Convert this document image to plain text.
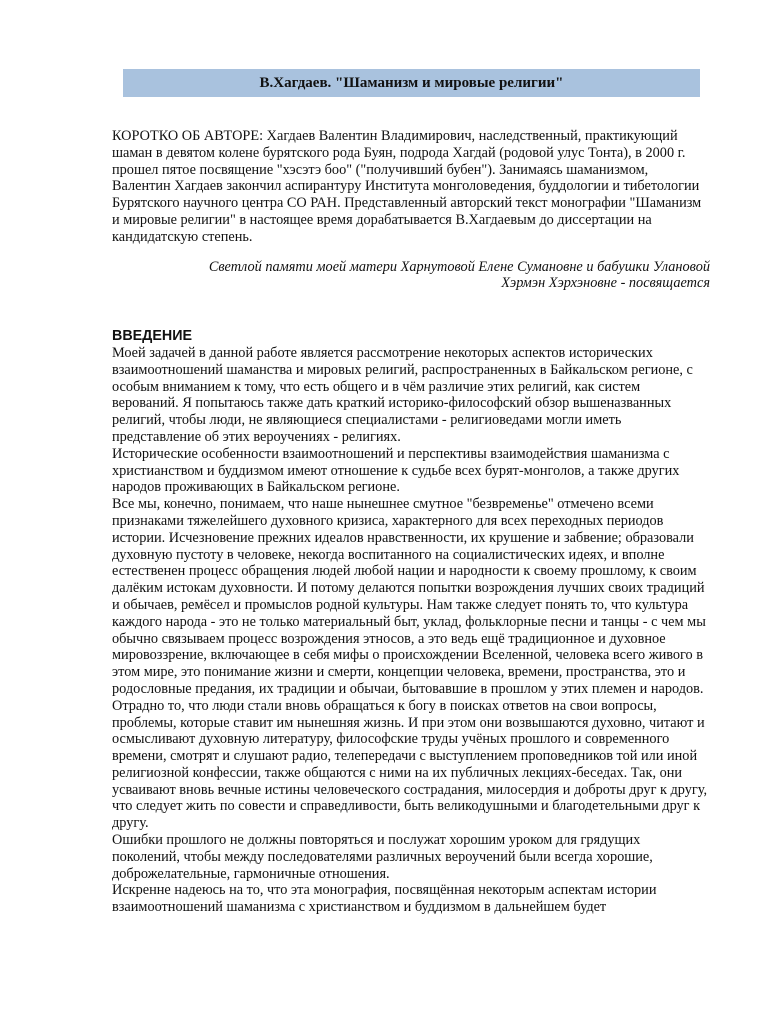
В.Хагдаев. "Шаманизм и мировые религии"

КОРОТКО ОБ АВТОРЕ: Хагдаев Валентин Владимирович, наследственный, практикующий шаман в девятом колене бурятского рода Буян, подрода Хагдай (родовой улус Тонта), в 2000 г. прошел пятое посвящение "хэсэтэ боо" ("получивший бубен"). Занимаясь шаманизмом, Валентин Хагдаев закончил аспирантуру Института монголоведения, буддологии и тибетологии Бурятского научного центра СО РАН. Представленный авторский текст монографии "Шаманизм и мировые религии" в настоящее время дорабатывается В.Хагдаевым до диссертации на кандидатскую степень.

Светлой памяти моей матери Харнутовой Елене Сумановне и бабушки Улановой
Хэрмэн Хэрхэновне - посвящается
ВВЕДЕНИЕ

Моей задачей в данной работе является рассмотрение некоторых аспектов исторических взаимоотношений шаманства и мировых религий, распространенных в Байкальском регионе, с особым вниманием к тому, что есть общего и в чём различие этих религий, как систем верований. Я попытаюсь также дать краткий историко-философский обзор вышеназванных религий, чтобы люди, не являющиеся специалистами - религиоведами могли иметь представление об этих вероучениях - религиях.

Исторические особенности взаимоотношений и перспективы взаимодействия шаманизма с христианством и буддизмом имеют отношение к судьбе всех бурят-монголов, а также других народов проживающих в Байкальском регионе.

Все мы, конечно, понимаем, что наше нынешнее смутное "безвременье" отмечено всеми признаками тяжелейшего духовного кризиса, характерного для всех переходных периодов истории. Исчезновение прежних идеалов нравственности, их крушение и забвение; образовали духовную пустоту в человеке, некогда воспитанного на социалистических идеях, и вполне естественен процесс обращения людей любой нации и народности к своему прошлому, к своим далёким истокам духовности. И потому делаются попытки возрождения лучших своих традиций и обычаев, ремёсел и промыслов родной культуры. Нам также следует понять то, что культура каждого народа - это не только материальный быт, уклад, фольклорные песни и танцы - с чем мы обычно связываем процесс возрождения этносов, а это ведь ещё традиционное и духовное мировоззрение, включающее в себя мифы о происхождении Вселенной, человека всего живого в этом мире, это понимание жизни и смерти, концепции человека, времени, пространства, это и родословные предания, их традиции и обычаи, бытовавшие в прошлом у этих племен и народов.

Отрадно то, что люди стали вновь обращаться к богу в поисках ответов на свои вопросы, проблемы, которые ставит им нынешняя жизнь. И при этом они возвышаются духовно, читают и осмысливают духовную литературу, философские труды учёных прошлого и современного времени, смотрят и слушают радио, телепередачи с выступлением проповедников той или иной религиозной конфессии, также общаются с ними на их публичных лекциях-беседах. Так, они усваивают вновь вечные истины человеческого сострадания, милосердия и доброты друг к другу, что следует жить по совести и справедливости, быть великодушными и благодетельными друг к другу.

Ошибки прошлого не должны повторяться и послужат хорошим уроком для грядущих поколений, чтобы между последователями различных вероучений были всегда хорошие, доброжелательные, гармоничные отношения.

Искренне надеюсь на то, что эта монография, посвящённая некоторым аспектам истории взаимоотношений шаманизма с христианством и буддизмом в дальнейшем будет
